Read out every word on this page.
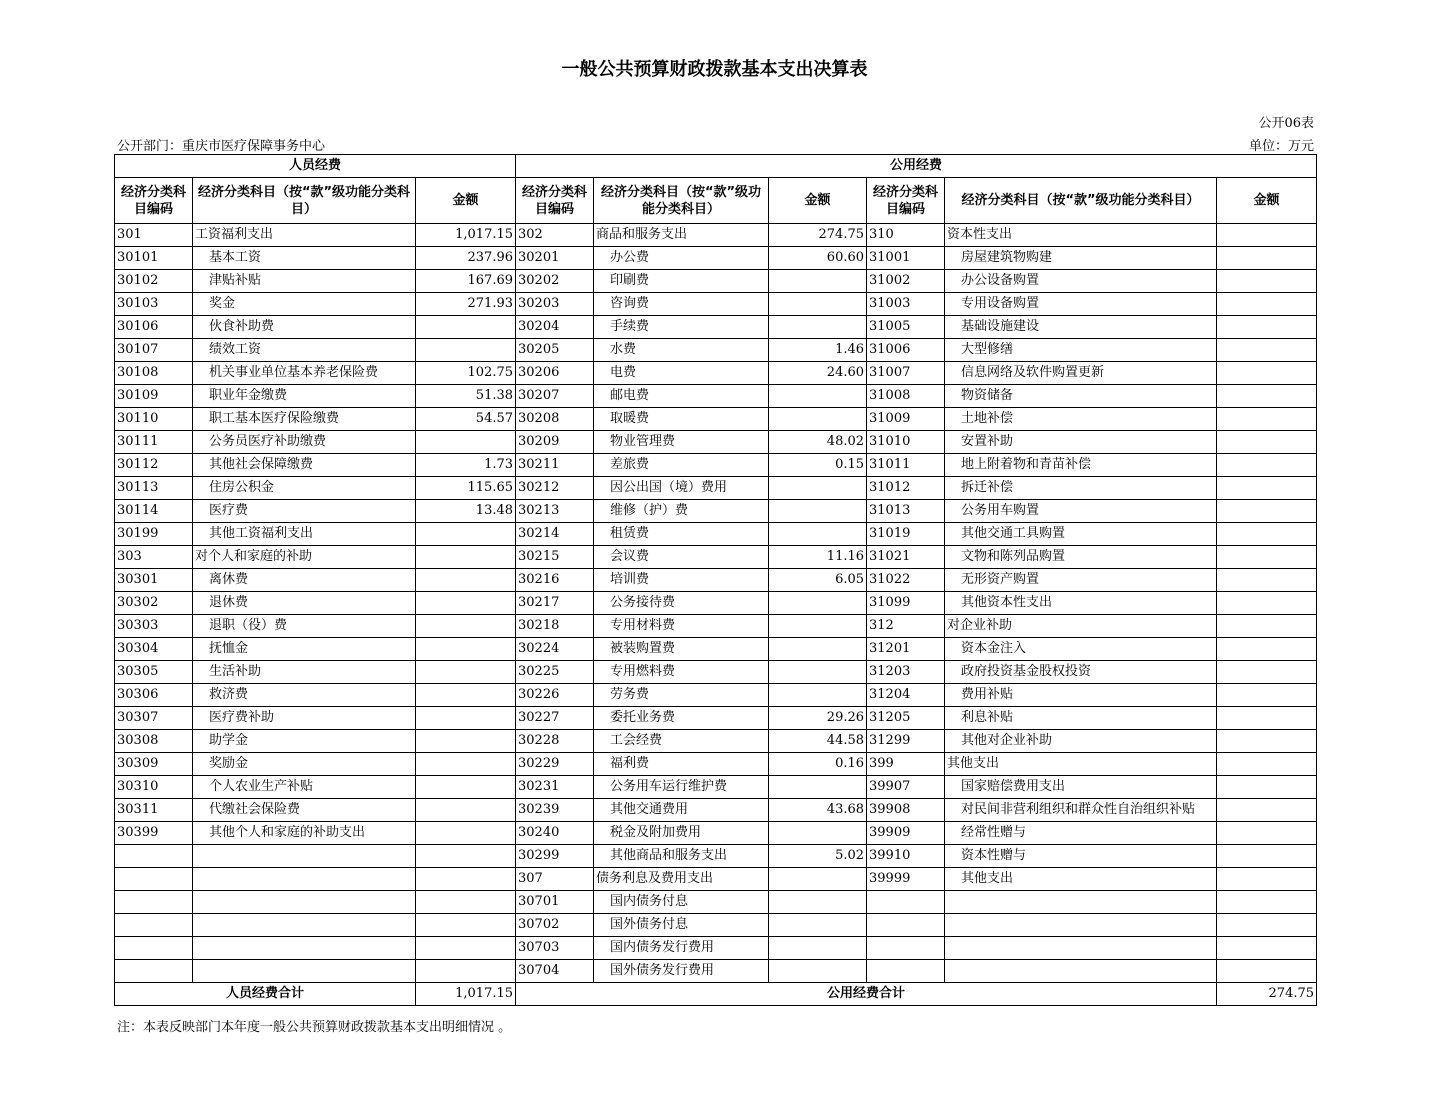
一般公共预算财政拨款基本支出决算表
公开06表
公开部门：重庆市医疗保障事务中心	单位：万元
人员经费			公用经费					
经济分类科目编码	经济分类科目（按“款”级功能分类科目）	金额	经济分类科目编码	经济分类科目（按“款”级功能分类科目）	金额	经济分类科目编码	经济分类科目（按“款”级功能分类科目）	金额
301	工资福利支出	1,017.15	302	商品和服务支出	274.75	310	资本性支出	
30101	基本工资	237.96	30201	办公费	60.60	31001	房屋建筑物购建	
30102	津贴补贴	167.69	30202	印刷费		31002	办公设备购置	
30103	奖金	271.93	30203	咨询费		31003	专用设备购置	
30106	伙食补助费		30204	手续费		31005	基础设施建设	
30107	绩效工资		30205	水费	1.46	31006	大型修缮	
30108	机关事业单位基本养老保险费	102.75	30206	电费	24.60	31007	信息网络及软件购置更新	
30109	职业年金缴费	51.38	30207	邮电费		31008	物资储备	
30110	职工基本医疗保险缴费	54.57	30208	取暖费		31009	土地补偿	
30111	公务员医疗补助缴费		30209	物业管理费	48.02	31010	安置补助	
30112	其他社会保障缴费	1.73	30211	差旅费	0.15	31011	地上附着物和青苗补偿	
30113	住房公积金	115.65	30212	因公出国（境）费用		31012	拆迁补偿	
30114	医疗费	13.48	30213	维修（护）费		31013	公务用车购置	
30199	其他工资福利支出		30214	租赁费		31019	其他交通工具购置	
303	对个人和家庭的补助		30215	会议费	11.16	31021	文物和陈列品购置	
30301	离休费		30216	培训费	6.05	31022	无形资产购置	
30302	退休费		30217	公务接待费		31099	其他资本性支出	
30303	退职（役）费		30218	专用材料费		312	对企业补助	
30304	抚恤金		30224	被装购置费		31201	资本金注入	
30305	生活补助		30225	专用燃料费		31203	政府投资基金股权投资	
30306	救济费		30226	劳务费		31204	费用补贴	
30307	医疗费补助		30227	委托业务费	29.26	31205	利息补贴	
30308	助学金		30228	工会经费	44.58	31299	其他对企业补助	
30309	奖励金		30229	福利费	0.16	399	其他支出	
30310	个人农业生产补贴		30231	公务用车运行维护费		39907	国家赔偿费用支出	
30311	代缴社会保险费		30239	其他交通费用	43.68	39908	对民间非营利组织和群众性自治组织补贴	
30399	其他个人和家庭的补助支出		30240	税金及附加费用		39909	经常性赠与	
			30299	其他商品和服务支出	5.02	39910	资本性赠与	
			307	债务利息及费用支出		39999	其他支出	
			30701	国内债务付息				
			30702	国外债务付息				
			30703	国内债务发行费用				
			30704	国外债务发行费用				
人员经费合计		1,017.15	公用经费合计					274.75
注：本表反映部门本年度一般公共预算财政拨款基本支出明细情况 。
